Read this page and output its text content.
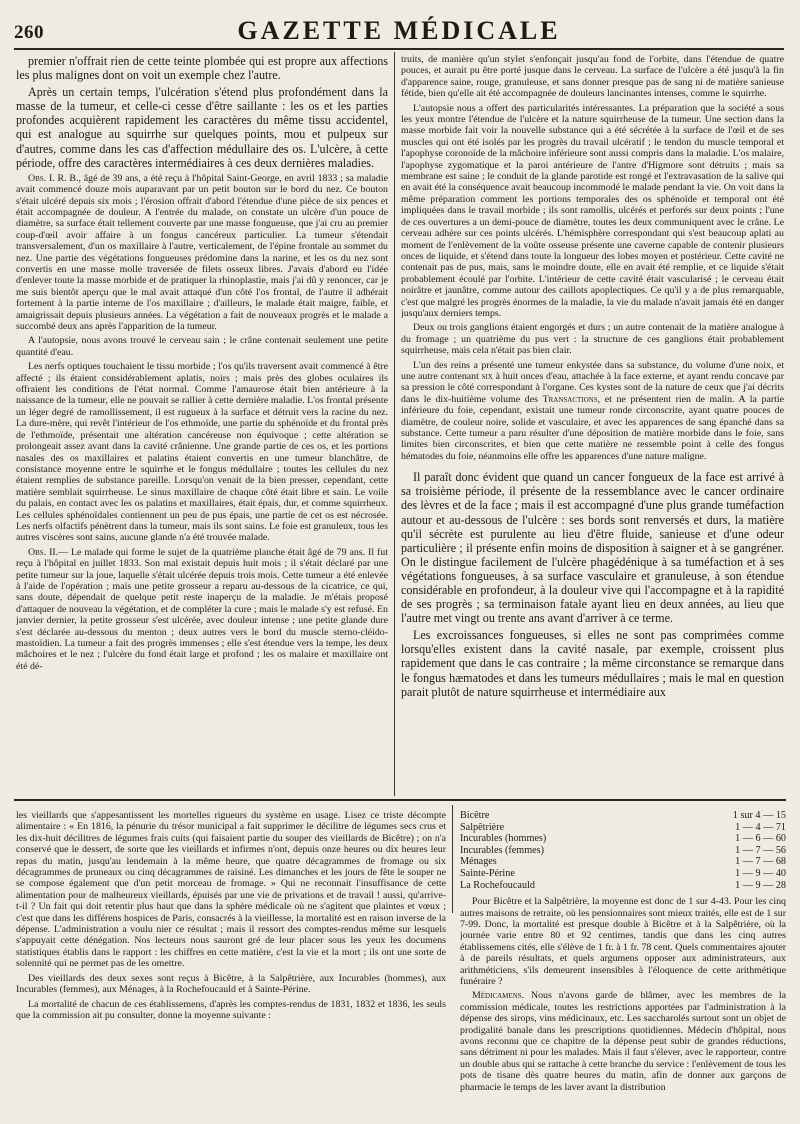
260	GAZETTE MÉDICALE

premier n'offrait rien de cette teinte plombée qui est propre aux affections les plus malignes dont on voit un exemple chez l'autre.

Après un certain temps, l'ulcération s'étend plus profondément dans la masse de la tumeur, et celle-ci cesse d'être saillante : les os et les parties profondes acquièrent rapidement les caractères du même tissu accidentel, qui est analogue au squirrhe sur quelques points, mou et pulpeux sur d'autres, comme dans les cas d'affection médullaire des os. L'ulcère, à cette période, offre des caractères intermédiaires à ces deux dernières maladies.

Obs. I. R. B., âgé de 39 ans, a été reçu à l'hôpital Saint-George, en avril 1833 ; sa maladie avait commencé douze mois auparavant par un petit bouton sur le bord du nez. Ce bouton s'était ulcéré depuis six mois ; l'érosion offrait d'abord l'étendue d'une pièce de six pences et était accompagnée de douleur. A l'entrée du malade, on constate un ulcère d'un pouce de diamètre, sa surface était tellement couverte par une masse fongueuse, que j'ai cru au premier coup-d'œil avoir affaire à un fongus cancéreux particulier. La tumeur s'étendait transversalement, d'un os maxillaire à l'autre, verticalement, de l'épine frontale au sommet du nez. Une partie des végétations fongueuses prédomine dans la narine, et les os du nez sont convertis en une masse molle traversée de filets osseux libres. J'avais d'abord eu l'idée d'enlever toute la masse morbide et de pratiquer la rhinoplastie, mais j'ai dû y renoncer, car je me suis bientôt aperçu que le mal avait attaqué d'un côté l'os frontal, de l'autre il adhérait fortement à la partie interne de l'os maxillaire ; d'ailleurs, le malade était maigre, faible, et amaigrissait depuis plusieurs années. La végétation a fait de nouveaux progrès et le malade a succombé deux ans après l'apparition de la tumeur.

A l'autopsie, nous avons trouvé le cerveau sain ; le crâne contenait seulement une petite quantité d'eau.

Les nerfs optiques touchaient le tissu morbide ; l'os qu'ils traversent avait commencé à être affecté ; ils étaient considérablement aplatis, noirs ; mais près des globes oculaires ils offraient les conditions de l'état normal. Comme l'amaurose était bien antérieure à la naissance de la tumeur, elle ne pouvait se rallier à cette dernière maladie. L'os frontal présente un léger degré de ramollissement, il est rugueux à la surface et détruit vers la racine du nez. La dure-mère, qui revêt l'intérieur de l'os ethmoïde, une partie du sphénoïde et du frontal près de l'ethmoïde, présentait une altération cancéreuse non équivoque ; cette altération se prolongeait assez avant dans la cavité crânienne. Une grande partie de ces os, et les portions nasales des os maxillaires et palatins étaient convertis en une tumeur blanchâtre, de consistance moyenne entre le squirrhe et le fongus médullaire ; toutes les cellules du nez étaient remplies de substance pareille. Lorsqu'on venait de la bien presser, cependant, cette matière semblait squirrheuse. Le sinus maxillaire de chaque côté était libre et sain. Le voile du palais, en contact avec les os palatins et maxillaires, était épais, dur, et comme squirrheux. Les cellules sphénoïdales contiennent un peu de pus épais, une partie de cet os est nécrosée. Les nerfs olfactifs pénètrent dans la tumeur, mais ils sont sains. Le foie est granuleux, tous les autres viscères sont sains, aucune glande n'a été trouvée malade.

Obs. II.— Le malade qui forme le sujet de la quatrième planche était âgé de 79 ans. Il fut reçu à l'hôpital en juillet 1833. Son mal existait depuis huit mois ; il s'était déclaré par une petite tumeur sur la joue, laquelle s'était ulcérée depuis trois mois. Cette tumeur a été enlevée à l'aide de l'opération ; mais une petite grosseur a reparu au-dessous de la cicatrice, ce qui, sans doute, dépendait de quelque petit reste inaperçu de la maladie. Je m'étais proposé d'attaquer de nouveau la végétation, et de compléter la cure ; mais le malade s'y est refusé. En janvier dernier, la petite grosseur s'est ulcérée, avec douleur intense ; une petite glande dure s'est déclarée au-dessous du menton ; deux autres vers le bord du muscle sterno-cléido-mastoïdien. La tumeur a fait des progrès immenses ; elle s'est étendue vers la tempe, les deux mâchoires et le nez ; l'ulcère du fond était large et profond ; les os malaire et maxillaire ont été dé-

truits, de manière qu'un stylet s'enfonçait jusqu'au fond de l'orbite, dans l'étendue de quatre pouces, et aurait pu être porté jusque dans le cerveau. La surface de l'ulcère a été jusqu'à la fin d'apparence saine, rouge, granuleuse, et sans donner presque pas de sang ni de matière sanieuse fétide, bien qu'elle ait été accompagnée de douleurs lancinantes intenses, comme le squirrhe.

L'autopsie nous a offert des particularités intéressantes. La préparation que la société a sous les yeux montre l'étendue de l'ulcère et la nature squirrheuse de la tumeur. Une section dans la masse morbide fait voir la nouvelle substance qui a été sécrétée à la surface de l'œil et de ses muscles qui ont été isolés par les progrès du travail ulcératif ; le tendon du muscle temporal et l'apophyse coronoïde de la mâchoire inférieure sont aussi compris dans la maladie. L'os malaire, l'apophyse zygomatique et la paroi antérieure de l'antre d'Higmore sont détruits ; mais sa membrane est saine ; le conduit de la glande parotide est rongé et l'extravasation de la salive qui en avait été la conséquence avait beaucoup incommodé le malade pendant la vie. On voit dans la même préparation comment les portions temporales des os sphénoïde et temporal ont été impliquées dans le travail morbide ; ils sont ramollis, ulcérés et perforés sur deux points ; l'une de ces ouvertures a un demi-pouce de diamètre, toutes les deux communiquent avec le crâne. Le cerveau adhère sur ces points ulcérés. L'hémisphère correspondant qui s'est beaucoup aplati au moment de l'enlèvement de la voûte osseuse présente une caverne capable de contenir plusieurs onces de liquide, et s'étend dans toute la longueur des lobes moyen et postérieur. Cette cavité ne contenait pas de pus, mais, sans le moindre doute, elle en avait été remplie, et ce liquide s'était probablement écoulé par l'orbite. L'intérieur de cette cavité était vascularisé ; le cerveau était noirâtre et jaunâtre, comme autour des caillots apoplectiques. Ce qu'il y a de plus remarquable, c'est que malgré les progrès énormes de la maladie, la vie du malade n'avait jamais été en danger jusqu'aux derniers temps.

Deux ou trois ganglions étaient engorgés et durs ; un autre contenait de la matière analogue à du fromage ; un quatrième du pus vert : la structure de ces ganglions était probablement squirrheuse, mais cela n'était pas bien clair.

L'un des reins a présenté une tumeur enkystée dans sa substance, du volume d'une noix, et une autre contenant six à huit onces d'eau, attachée à la face externe, et ayant rendu concave par sa pression le côté correspondant à l'organe. Ces kystes sont de la nature de ceux que j'ai décrits dans le dix-huitième volume des Transactions, et ne présentent rien de malin. A la partie inférieure du foie, cependant, existait une tumeur ronde circonscrite, ayant quatre pouces de diamètre, de couleur noire, solide et vasculaire, et avec les apparences de sang épanché dans sa substance. Cette tumeur a paru résulter d'une déposition de matière morbide dans le foie, sans limites bien circonscrites, et bien que cette matière ne ressemble point à celle des fongus hématodes du foie, néanmoins elle offre les apparences d'une nature maligne.

Il paraît donc évident que quand un cancer fongueux de la face est arrivé à sa troisième période, il présente de la ressemblance avec le cancer ordinaire des lèvres et de la face ; mais il est accompagné d'une plus grande tuméfaction autour et au-dessous de l'ulcère : ses bords sont renversés et durs, la matière qu'il sécrète est purulente au lieu d'être fluide, sanieuse et d'une odeur particulière ; il présente enfin moins de disposition à saigner et à se gangréner. On le distingue facilement de l'ulcère phagédénique à sa tuméfaction et à ses végétations fongueuses, à sa surface vasculaire et granuleuse, à son étendue considérable en profondeur, à la douleur vive qui l'accompagne et à la rapidité de ses progrès ; sa terminaison fatale ayant lieu en deux années, au lieu que l'autre met vingt ou trente ans avant d'arriver à ce terme.

Les excroissances fongueuses, si elles ne sont pas comprimées comme lorsqu'elles existent dans la cavité nasale, par exemple, croissent plus rapidement que dans le cas contraire ; la même circonstance se remarque dans le fongus hæmatodes et dans les tumeurs médullaires ; mais le mal en question parait plutôt de nature squirrheuse et intermédiaire aux

les vieillards que s'appesantissent les mortelles rigueurs du système en usage. Lisez ce triste décompte alimentaire : « En 1816, la pénurie du trésor municipal a fait supprimer le décilitre de légumes secs crus et les dix-huit décilitres de légumes frais cuits (qui faisaient partie du souper des vieillards de Bicêtre) ; on n'a conservé que le dessert, de sorte que les vieillards et infirmes n'ont, depuis onze heures ou dix heures leur repas du matin, jusqu'au lendemain à la même heure, que quatre décagrammes de fromage ou six décagrammes de pruneaux ou cinq décagrammes de raisiné. Les dimanches et les jours de fête le souper ne se compose également que d'un petit morceau de fromage. » Qui ne reconnait l'insuffisance de cette alimentation pour de malheureux vieillards, épuisés par une vie de privations et de travail ! aussi, qu'arrive-t-il ? Un fait qui doit retentir plus haut que dans la sphère médicale où ne s'agitent que plaintes et vœux ; c'est que dans les différens hospices de Paris, consacrés à la vieillesse, la mortalité est en raison inverse de la dépense. L'administration a voulu nier ce résultat ; mais il ressort des comptes-rendus même sur lesquels s'appuyait cette dénégation. Nos lecteurs nous sauront gré de leur placer sous les yeux les documens statistiques établis dans le rapport : les chiffres en cette matière, c'est la vie et la mort ; ils ont une sorte de solennité qui ne permet pas de les omettre.

Des vieillards des deux sexes sont reçus à Bicêtre, à la Salpêtrière, aux Incurables (hommes), aux Incurables (femmes), aux Ménages, à la Rochefoucauld et à Sainte-Périne.

La mortalité de chacun de ces établissemens, d'après les comptes-rendus de 1831, 1832 et 1836, les seuls que la commission ait pu consulter, donne la moyenne suivante :

Bicêtre	1 sur 4 — 15
Salpêtrière	1 — 4 — 71
Incurables (hommes)	1 — 6 — 60
Incurables (femmes)	1 — 7 — 56
Ménages	1 — 7 — 68
Sainte-Périne	1 — 9 — 40
La Rochefoucauld	1 — 9 — 28

Pour Bicêtre et la Salpêtrière, la moyenne est donc de 1 sur 4-43. Pour les cinq autres maisons de retraite, où les pensionnaires sont mieux traités, elle est de 1 sur 7-99. Donc, la mortalité est presque double à Bicêtre et à la Salpêtrière, où la journée varie entre 80 et 92 centimes, tandis que dans les cinq autres établissemens cités, elle s'élève de 1 fr. à 1 fr. 78 cent. Quels commentaires ajouter à de pareils résultats, et quels argumens opposer aux administrateurs, aux arithméticiens, s'ils demeurent insensibles à l'éloquence de cette arithmétique funéraire ?

Médicamens. Nous n'avons garde de blâmer, avec les membres de la commission médicale, toutes les restrictions apportées par l'administration à la dépense des sirops, vins médicinaux, etc. Les saccharolés surtout sont un objet de prodigalité banale dans les prescriptions quotidiennes. Médecin d'hôpital, nous avons reconnu que ce chapitre de la dépense peut subir de grandes réductions, sans détriment ni pour les malades. Mais il faut s'élever, avec le rapporteur, contre un double abus qui se rattache à cette branche du service : l'enlèvement de tous les pots de tisane dès quatre heures du matin, afin de donner aux garçons de pharmacie le temps de les laver avant la distribution
